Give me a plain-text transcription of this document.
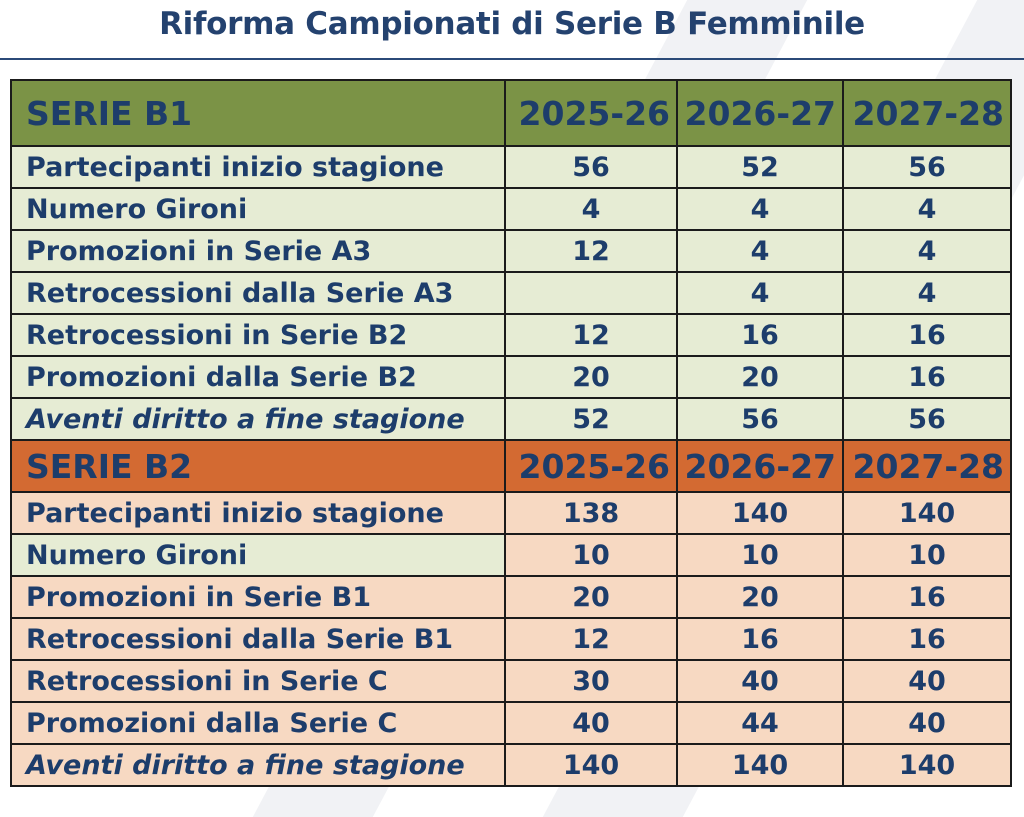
Riforma Campionati di Serie B Femminile
SERIE B1	2025-26	2026-27	2027-28
Partecipanti inizio stagione	56	52	56
Numero Gironi	4	4	4
Promozioni in Serie A3	12	4	4
Retrocessioni dalla Serie A3		4	4
Retrocessioni in Serie B2	12	16	16
Promozioni dalla Serie B2	20	20	16
Aventi diritto a fine stagione	52	56	56
SERIE B2	2025-26	2026-27	2027-28
Partecipanti inizio stagione	138	140	140
Numero Gironi	10	10	10
Promozioni in Serie B1	20	20	16
Retrocessioni dalla Serie B1	12	16	16
Retrocessioni in Serie C	30	40	40
Promozioni dalla Serie C	40	44	40
Aventi diritto a fine stagione	140	140	140
